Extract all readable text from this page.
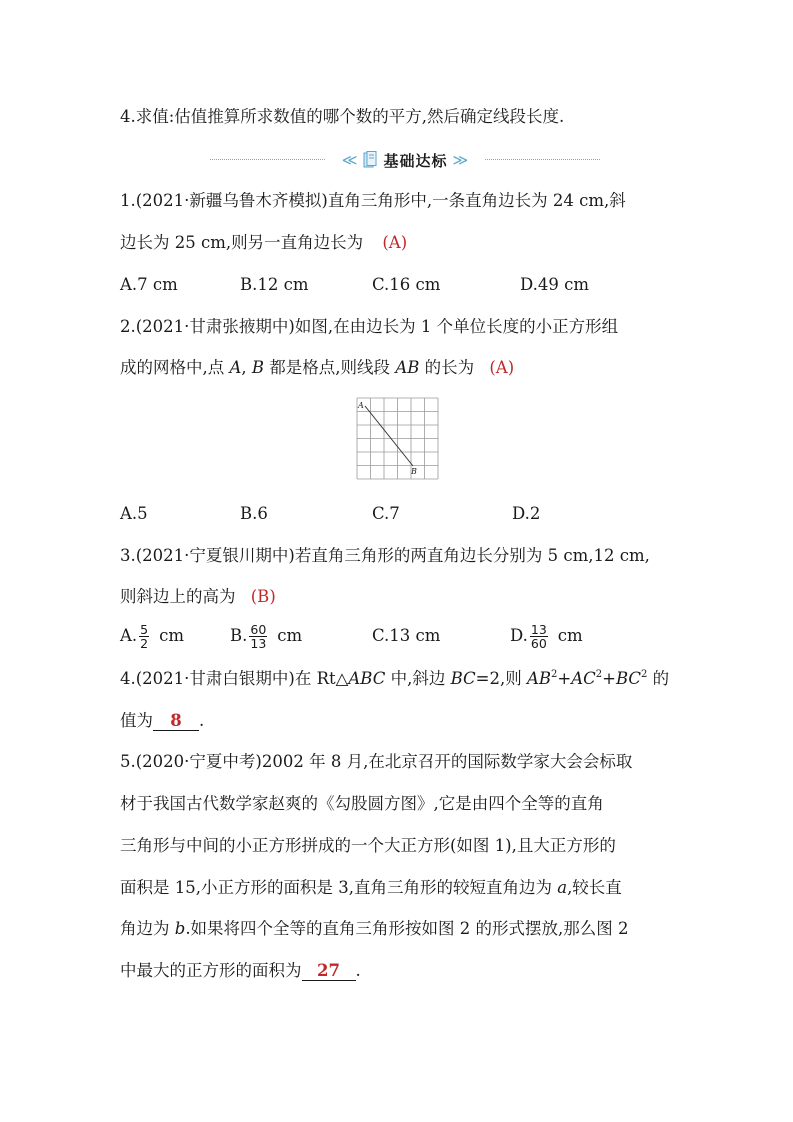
4.求值:估值推算所求数值的哪个数的平方,然后确定线段长度.
≪ 基础达标 ≫
1.(2021·新疆乌鲁木齐模拟)直角三角形中,一条直角边长为 24 cm,斜
边长为 25 cm,则另一直角边长为 (A)
A.7 cm	B.12 cm	C.16 cm	D.49 cm
2.(2021·甘肃张掖期中)如图,在由边长为 1 个单位长度的小正方形组
成的网格中,点 A, B 都是格点,则线段 AB 的长为 (A)
A
B
A.5	B.6	C.7	D.2
3.(2021·宁夏银川期中)若直角三角形的两直角边长分别为 5 cm,12 cm,
则斜边上的高为 (B)
A. $\frac{5}{2}$ cm	B. $\frac{60}{13}$ cm	C.13 cm	D. $\frac{13}{60}$ cm
4.(2021·甘肃白银期中)在 Rt△ABC 中,斜边 BC=2,则 $AB^2+AC^2+BC^2$ 的
值为 8 .
5.(2020·宁夏中考)2002 年 8 月,在北京召开的国际数学家大会会标取
材于我国古代数学家赵爽的《勾股圆方图》,它是由四个全等的直角
三角形与中间的小正方形拼成的一个大正方形(如图 1),且大正方形的
面积是 15,小正方形的面积是 3,直角三角形的较短直角边为 a,较长直
角边为 b.如果将四个全等的直角三角形按如图 2 的形式摆放,那么图 2
中最大的正方形的面积为 27 .
